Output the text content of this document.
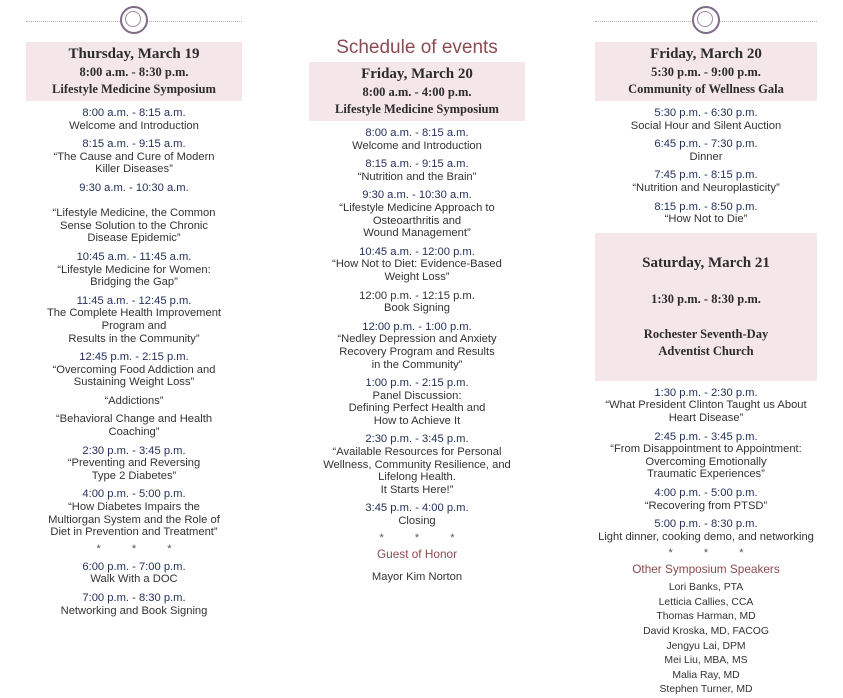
Thursday, March 19
8:00 a.m. - 8:30 p.m.
Lifestyle Medicine Symposium
8:00 a.m. - 8:15 a.m.
Welcome and Introduction
8:15 a.m. - 9:15 a.m.
“The Cause and Cure of Modern
Killer Diseases”
9:30 a.m. - 10:30 a.m.

“Lifestyle Medicine, the Common
Sense Solution to the Chronic
Disease Epidemic”
10:45 a.m. - 11:45 a.m.
“Lifestyle Medicine for Women:
Bridging the Gap”
11:45 a.m. - 12:45 p.m.
The Complete Health Improvement
Program and
Results in the Community”
12:45 p.m. - 2:15 p.m.
“Overcoming Food Addiction and
Sustaining Weight Loss”
“Addictions”
“Behavioral Change and Health
Coaching”
2:30 p.m. - 3:45 p.m.
“Preventing and Reversing
Type 2 Diabetes”
4:00 p.m. - 5:00 p.m.
“How Diabetes Impairs the
Multiorgan System and the Role of
Diet in Prevention and Treatment”
* * *
6:00 p.m. - 7:00 p.m.
Walk With a DOC
7:00 p.m. - 8:30 p.m.
Networking and Book Signing
Schedule of events
Friday, March 20
8:00 a.m. - 4:00 p.m.
Lifestyle Medicine Symposium
8:00 a.m. - 8:15 a.m.
Welcome and Introduction
8:15 a.m. - 9:15 a.m.
“Nutrition and the Brain”
9:30 a.m. - 10:30 a.m.
“Lifestyle Medicine Approach to
Osteoarthritis and
Wound Management”
10:45 a.m. - 12:00 p.m.
“How Not to Diet: Evidence-Based
Weight Loss”
12:00 p.m. - 12:15 p.m.
Book Signing
12:00 p.m. - 1:00 p.m.
“Nedley Depression and Anxiety
Recovery Program and Results
in the Community”
1:00 p.m. - 2:15 p.m.
Panel Discussion:
Defining Perfect Health and
How to Achieve It
2:30 p.m. - 3:45 p.m.
“Available Resources for Personal
Wellness, Community Resilience, and
Lifelong Health.
It Starts Here!”
3:45 p.m. - 4:00 p.m.
Closing
* * *
Guest of Honor
Mayor Kim Norton
Friday, March 20
5:30 p.m. - 9:00 p.m.
Community of Wellness Gala
5:30 p.m. - 6:30 p.m.
Social Hour and Silent Auction
6:45 p.m. - 7:30 p.m.
Dinner
7:45 p.m. - 8:15 p.m.
“Nutrition and Neuroplasticity”
8:15 p.m. - 8:50 p.m.
“How Not to Die”

Saturday, March 21

1:30 p.m. - 8:30 p.m.

Rochester Seventh-Day
Adventist Church

1:30 p.m. - 2:30 p.m.
“What President Clinton Taught us About
Heart Disease”
2:45 p.m. - 3:45 p.m.
“From Disappointment to Appointment:
Overcoming Emotionally
Traumatic Experiences”
4:00 p.m. - 5:00 p.m.
“Recovering from PTSD”
5:00 p.m. - 8:30 p.m.
Light dinner, cooking demo, and networking
* * *
Other Symposium Speakers
Lori Banks, PTA
Letticia Callies, CCA
Thomas Harman, MD
David Kroska, MD, FACOG
Jengyu Lai, DPM
Mei Liu, MBA, MS
Malia Ray, MD
Stephen Turner, MD
